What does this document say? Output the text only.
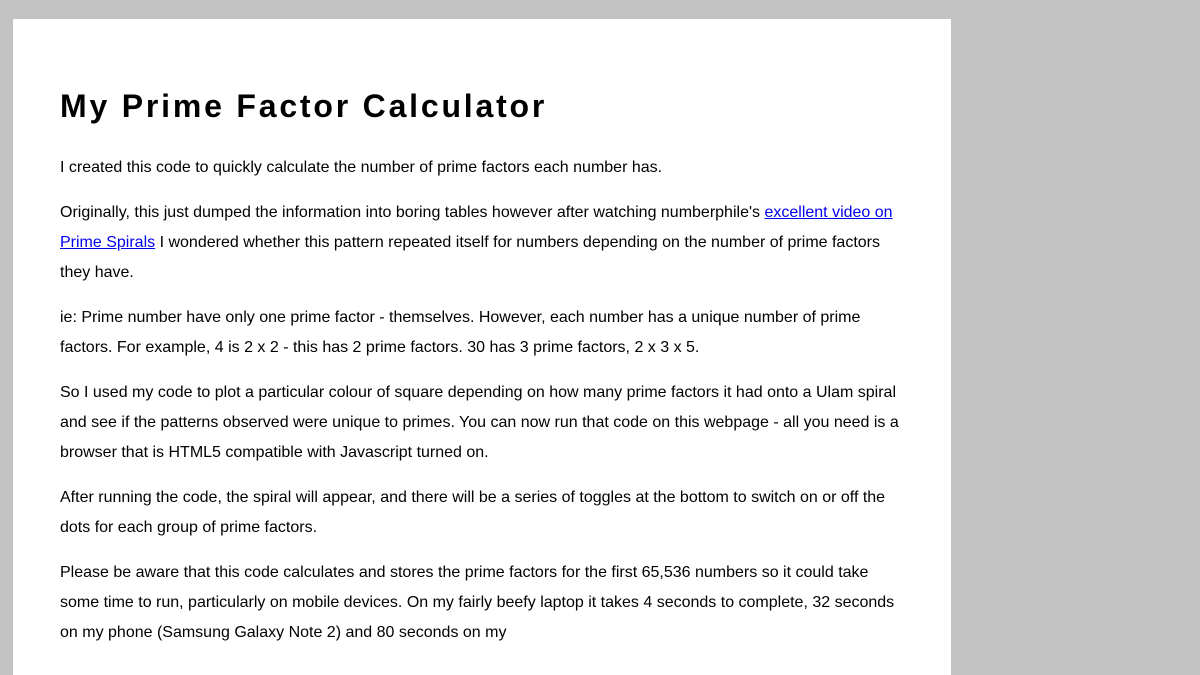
My Prime Factor Calculator

I created this code to quickly calculate the number of prime factors each number has.

Originally, this just dumped the information into boring tables however after watching numberphile's excellent video on Prime Spirals I wondered whether this pattern repeated itself for numbers depending on the number of prime factors they have.

ie: Prime number have only one prime factor - themselves. However, each number has a unique number of prime factors. For example, 4 is 2 x 2 - this has 2 prime factors. 30 has 3 prime factors, 2 x 3 x 5.

So I used my code to plot a particular colour of square depending on how many prime factors it had onto a Ulam spiral and see if the patterns observed were unique to primes. You can now run that code on this webpage - all you need is a browser that is HTML5 compatible with Javascript turned on.

After running the code, the spiral will appear, and there will be a series of toggles at the bottom to switch on or off the dots for each group of prime factors.

Please be aware that this code calculates and stores the prime factors for the first 65,536 numbers so it could take some time to run, particularly on mobile devices. On my fairly beefy laptop it takes 4 seconds to complete, 32 seconds on my phone (Samsung Galaxy Note 2) and 80 seconds on my
